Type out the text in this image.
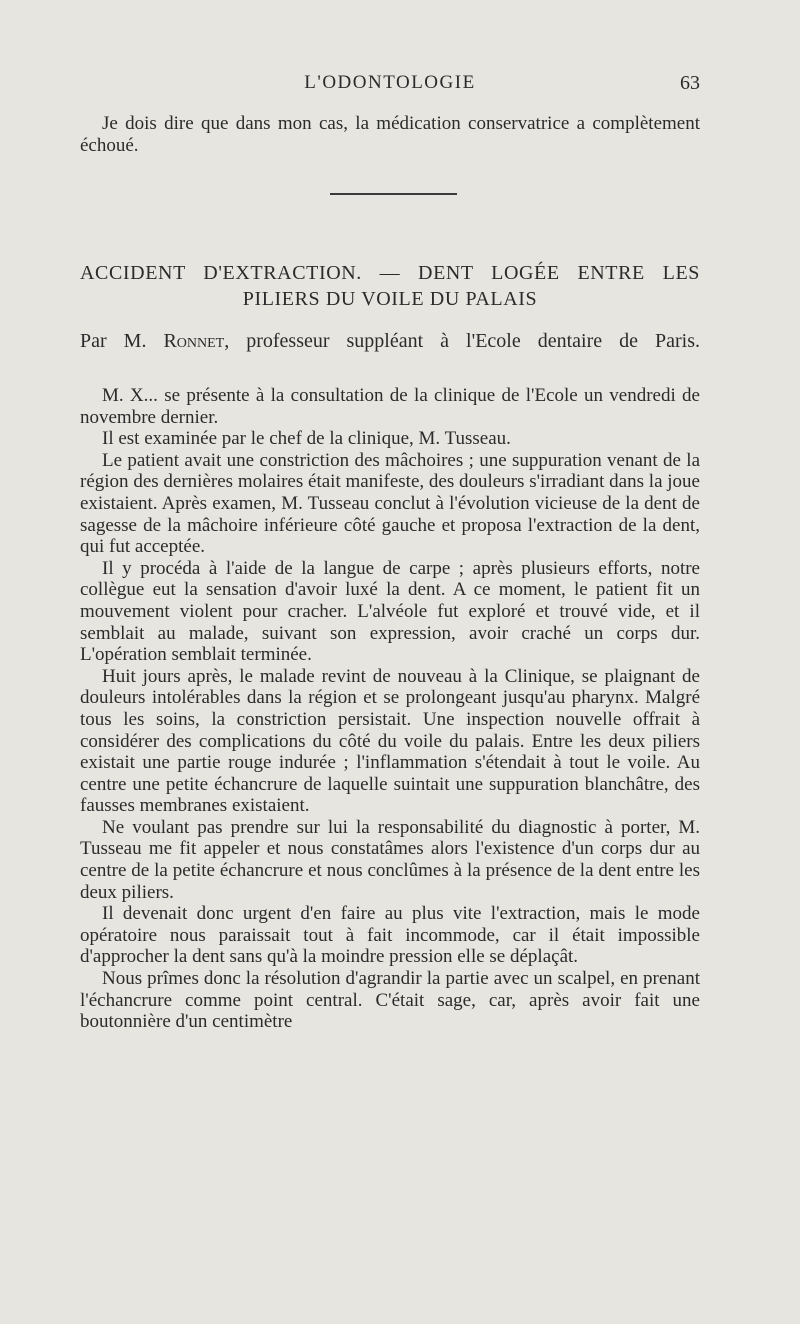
L'ODONTOLOGIE	63

Je dois dire que dans mon cas, la médication conservatrice a complètement échoué.

ACCIDENT D'EXTRACTION. — DENT LOGÉE ENTRE LES
PILIERS DU VOILE DU PALAIS
Par M. Ronnet, professeur suppléant à l'Ecole dentaire de Paris.

M. X... se présente à la consultation de la clinique de l'Ecole un vendredi de novembre dernier.

Il est examinée par le chef de la clinique, M. Tusseau.

Le patient avait une constriction des mâchoires ; une suppuration venant de la région des dernières molaires était manifeste, des douleurs s'irradiant dans la joue existaient. Après examen, M. Tusseau conclut à l'évolution vicieuse de la dent de sagesse de la mâchoire inférieure côté gauche et proposa l'extraction de la dent, qui fut acceptée.

Il y procéda à l'aide de la langue de carpe ; après plusieurs efforts, notre collègue eut la sensation d'avoir luxé la dent. A ce moment, le patient fit un mouvement violent pour cracher. L'alvéole fut exploré et trouvé vide, et il semblait au malade, suivant son expression, avoir craché un corps dur. L'opération semblait terminée.

Huit jours après, le malade revint de nouveau à la Clinique, se plaignant de douleurs intolérables dans la région et se prolongeant jusqu'au pharynx. Malgré tous les soins, la constriction persistait. Une inspection nouvelle offrait à considérer des complications du côté du voile du palais. Entre les deux piliers existait une partie rouge indurée ; l'inflammation s'étendait à tout le voile. Au centre une petite échancrure de laquelle suintait une suppuration blanchâtre, des fausses membranes existaient.

Ne voulant pas prendre sur lui la responsabilité du diagnostic à porter, M. Tusseau me fit appeler et nous constatâmes alors l'existence d'un corps dur au centre de la petite échancrure et nous conclûmes à la présence de la dent entre les deux piliers.

Il devenait donc urgent d'en faire au plus vite l'extraction, mais le mode opératoire nous paraissait tout à fait incommode, car il était impossible d'approcher la dent sans qu'à la moindre pression elle se déplaçât.

Nous prîmes donc la résolution d'agrandir la partie avec un scalpel, en prenant l'échancrure comme point central. C'était sage, car, après avoir fait une boutonnière d'un centimètre
